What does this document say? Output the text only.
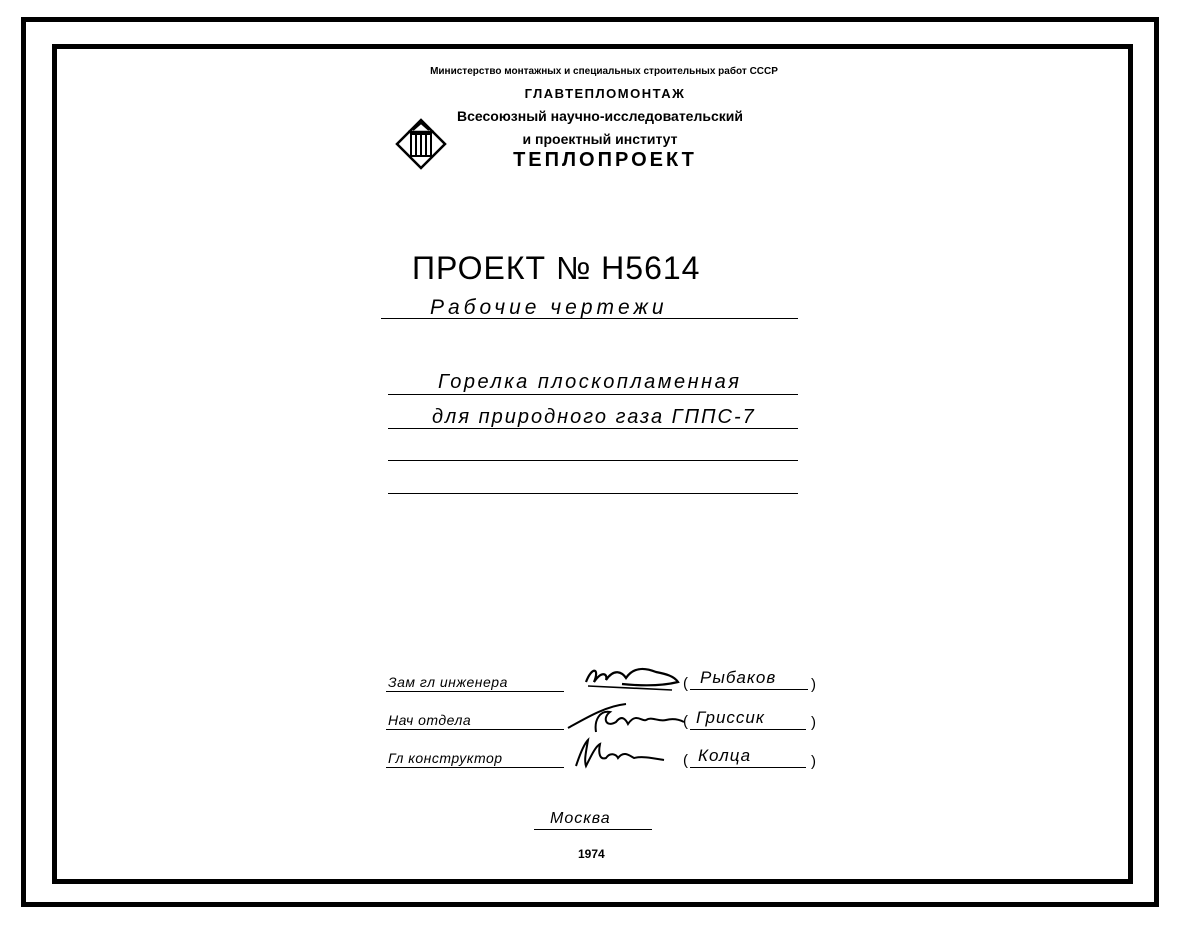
Министерство монтажных и специальных строительных работ СССР
ГЛАВТЕПЛОМОНТАЖ
Всесоюзный научно-исследовательский
и проектный институт
ТЕПЛОПРОЕКТ
ПРОЕКТ № Н5614
Рабочие чертежи
Горелка плоскопламенная
для природного газа ГППС-7
Зам гл инженера	( Рыбаков )
Нач отдела	( Гриссик	)
Гл конструктор	( Колца	)
Москва
1974
